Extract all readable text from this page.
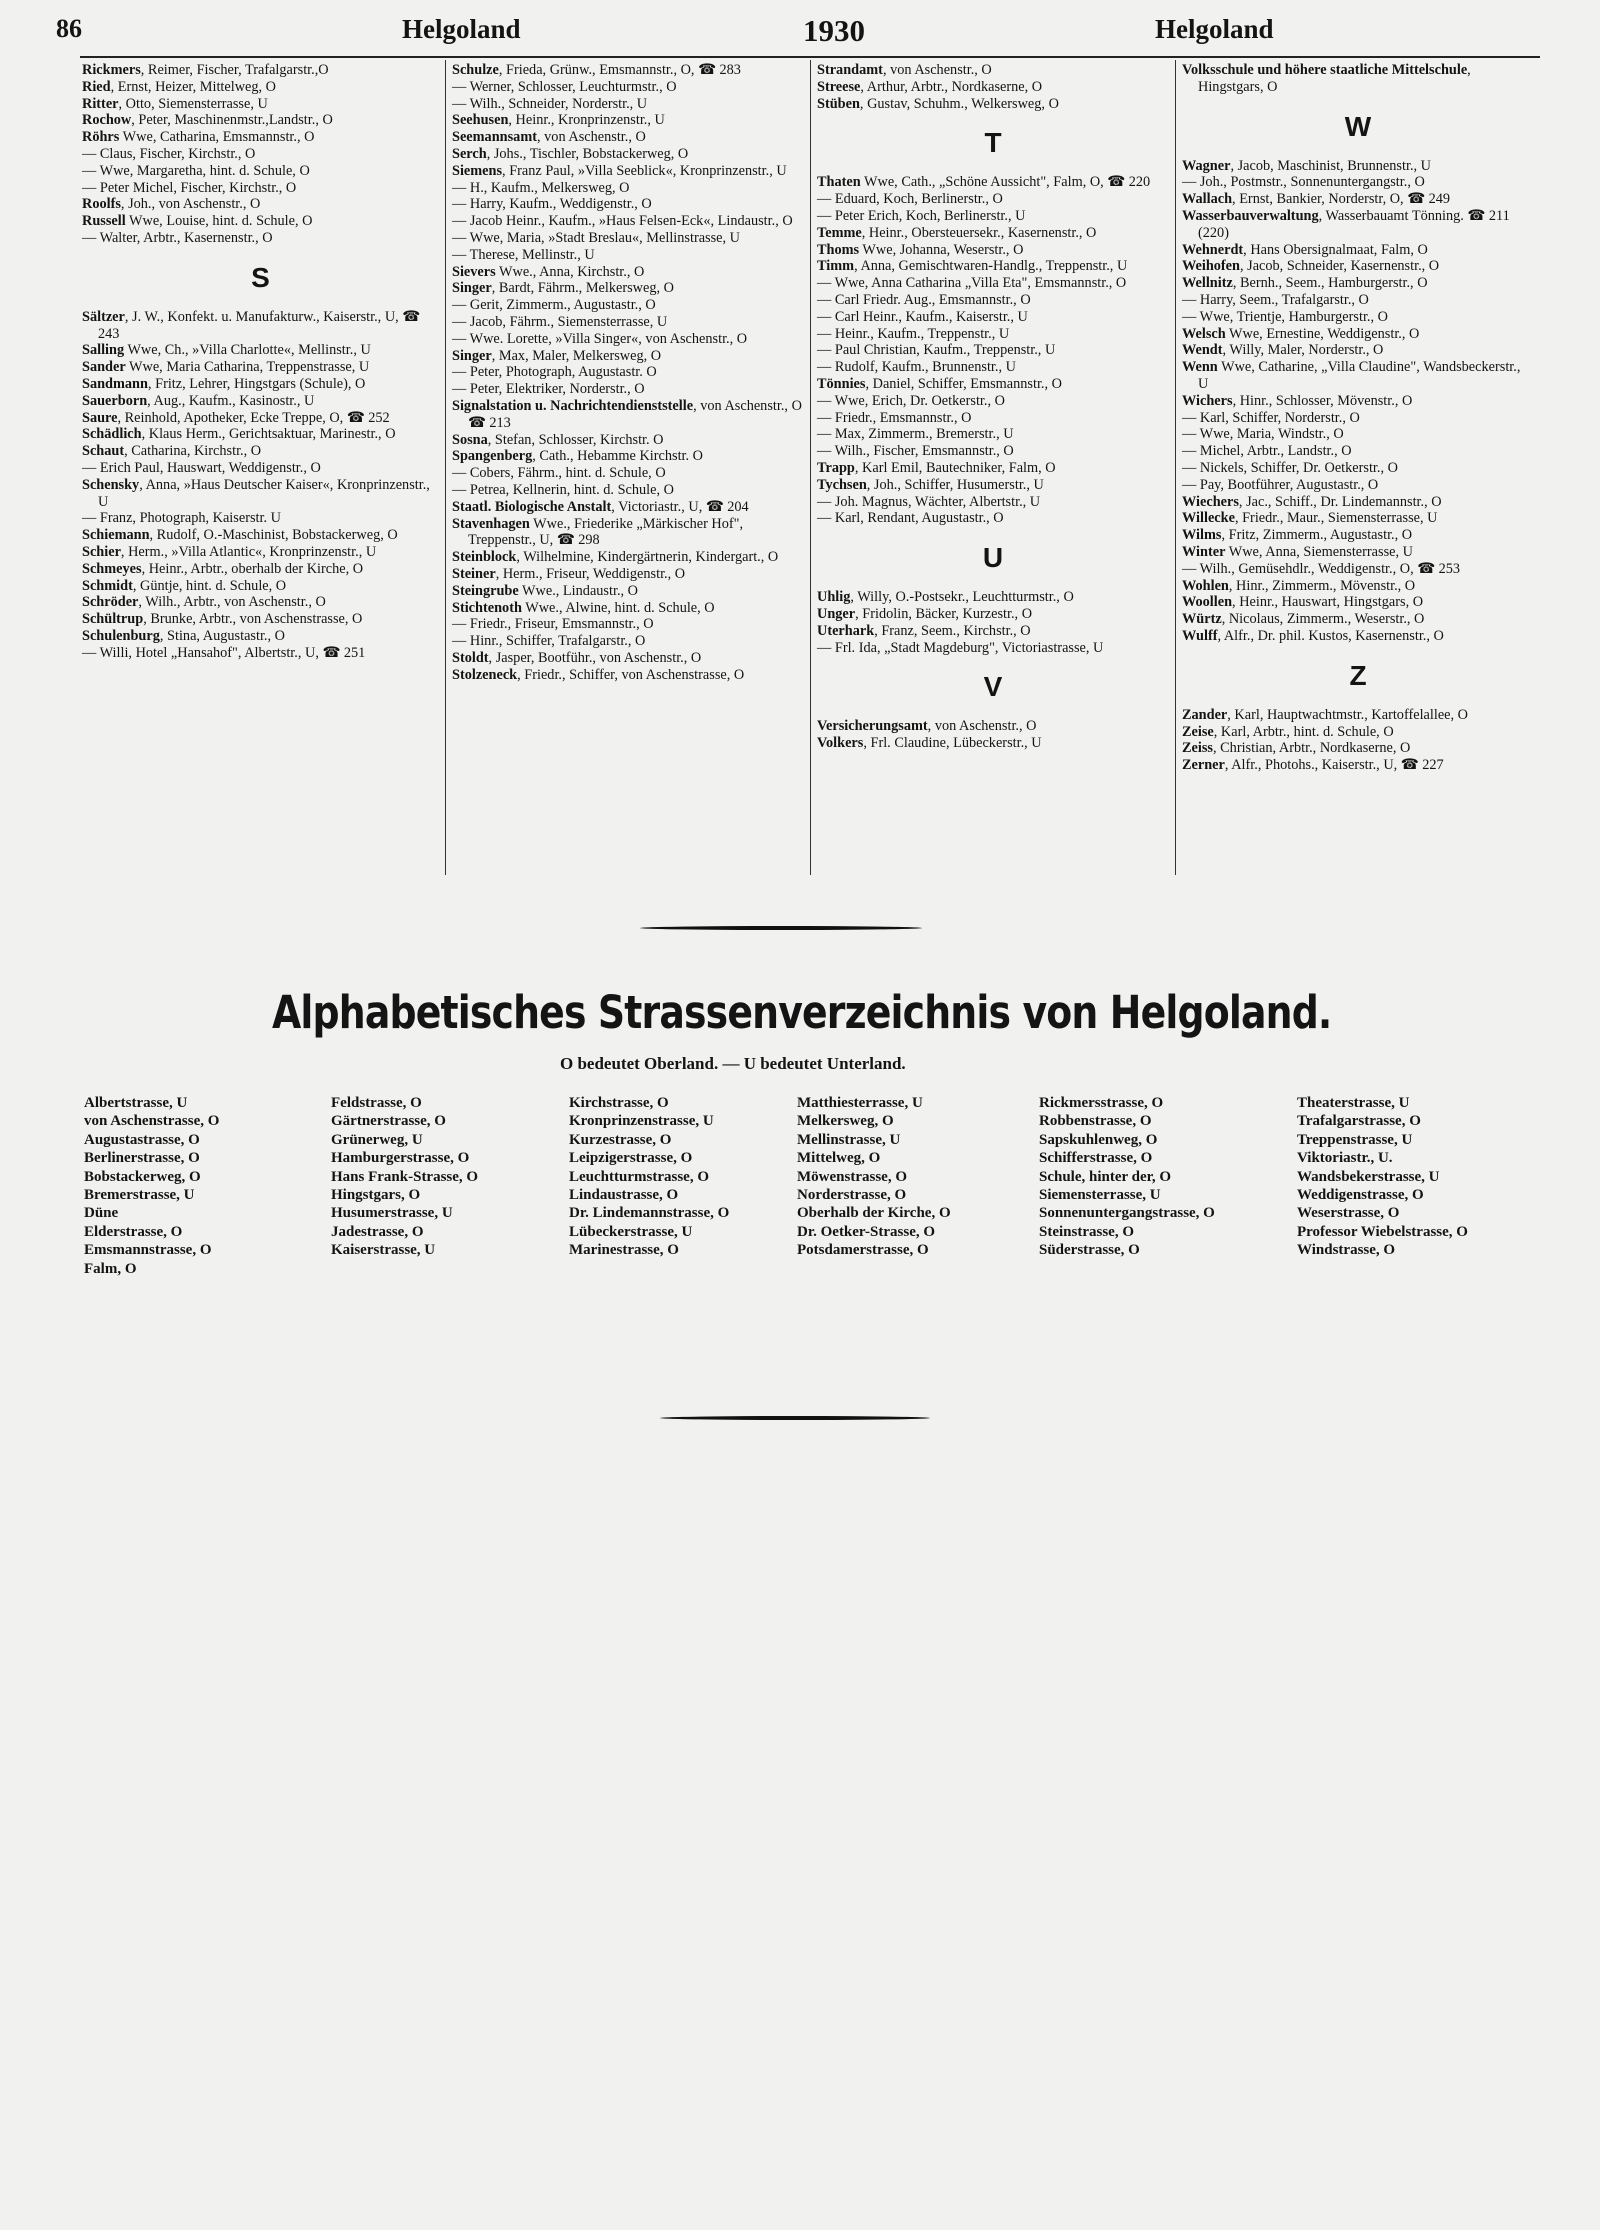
86	Helgoland	1930	Helgoland

Rickmers, Reimer, Fischer, Trafalgarstr.,O

Ried, Ernst, Heizer, Mittelweg, O

Ritter, Otto, Siemensterrasse, U

Rochow, Peter, Maschinenmstr.,Landstr., O

Röhrs Wwe, Catharina, Emsmannstr., O

— Claus, Fischer, Kirchstr., O

— Wwe, Margaretha, hint. d. Schule, O

— Peter Michel, Fischer, Kirchstr., O

Roolfs, Joh., von Aschenstr., O

Russell Wwe, Louise, hint. d. Schule, O

— Walter, Arbtr., Kasernenstr., O

S

Sältzer, J. W., Konfekt. u. Manufakturw., Kaiserstr., U, ☎ 243

Salling Wwe, Ch., »Villa Charlotte«, Mellinstr., U

Sander Wwe, Maria Catharina, Treppenstrasse, U

Sandmann, Fritz, Lehrer, Hingstgars (Schule), O

Sauerborn, Aug., Kaufm., Kasinostr., U

Saure, Reinhold, Apotheker, Ecke Treppe, O, ☎ 252

Schädlich, Klaus Herm., Gerichtsaktuar, Marinestr., O

Schaut, Catharina, Kirchstr., O

— Erich Paul, Hauswart, Weddigenstr., O

Schensky, Anna, »Haus Deutscher Kaiser«, Kronprinzenstr., U

— Franz, Photograph, Kaiserstr. U

Schiemann, Rudolf, O.-Maschinist, Bobstackerweg, O

Schier, Herm., »Villa Atlantic«, Kronprinzenstr., U

Schmeyes, Heinr., Arbtr., oberhalb der Kirche, O

Schmidt, Güntje, hint. d. Schule, O

Schröder, Wilh., Arbtr., von Aschenstr., O

Schültrup, Brunke, Arbtr., von Aschenstrasse, O

Schulenburg, Stina, Augustastr., O

— Willi, Hotel „Hansahof", Albertstr., U, ☎ 251

Schulze, Frieda, Grünw., Emsmannstr., O, ☎ 283

— Werner, Schlosser, Leuchturmstr., O

— Wilh., Schneider, Norderstr., U

Seehusen, Heinr., Kronprinzenstr., U

Seemannsamt, von Aschenstr., O

Serch, Johs., Tischler, Bobstackerweg, O

Siemens, Franz Paul, »Villa Seeblick«, Kronprinzenstr., U

— H., Kaufm., Melkersweg, O

— Harry, Kaufm., Weddigenstr., O

— Jacob Heinr., Kaufm., »Haus Felsen-Eck«, Lindaustr., O

— Wwe, Maria, »Stadt Breslau«, Mellinstrasse, U

— Therese, Mellinstr., U

Sievers Wwe., Anna, Kirchstr., O

Singer, Bardt, Fährm., Melkersweg, O

— Gerit, Zimmerm., Augustastr., O

— Jacob, Fährm., Siemensterrasse, U

— Wwe. Lorette, »Villa Singer«, von Aschenstr., O

Singer, Max, Maler, Melkersweg, O

— Peter, Photograph, Augustastr. O

— Peter, Elektriker, Norderstr., O

Signalstation u. Nachrichtendienststelle, von Aschenstr., O ☎ 213

Sosna, Stefan, Schlosser, Kirchstr. O

Spangenberg, Cath., Hebamme Kirchstr. O

— Cobers, Fährm., hint. d. Schule, O

— Petrea, Kellnerin, hint. d. Schule, O

Staatl. Biologische Anstalt, Victoriastr., U, ☎ 204

Stavenhagen Wwe., Friederike „Märkischer Hof", Treppenstr., U, ☎ 298

Steinblock, Wilhelmine, Kindergärtnerin, Kindergart., O

Steiner, Herm., Friseur, Weddigenstr., O

Steingrube Wwe., Lindaustr., O

Stichtenoth Wwe., Alwine, hint. d. Schule, O

— Friedr., Friseur, Emsmannstr., O

— Hinr., Schiffer, Trafalgarstr., O

Stoldt, Jasper, Bootführ., von Aschenstr., O

Stolzeneck, Friedr., Schiffer, von Aschenstrasse, O

Strandamt, von Aschenstr., O

Streese, Arthur, Arbtr., Nordkaserne, O

Stüben, Gustav, Schuhm., Welkersweg, O

T

Thaten Wwe, Cath., „Schöne Aussicht", Falm, O, ☎ 220

— Eduard, Koch, Berlinerstr., O

— Peter Erich, Koch, Berlinerstr., U

Temme, Heinr., Obersteuersekr., Kasernenstr., O

Thoms Wwe, Johanna, Weserstr., O

Timm, Anna, Gemischtwaren-Handlg., Treppenstr., U

— Wwe, Anna Catharina „Villa Eta", Emsmannstr., O

— Carl Friedr. Aug., Emsmannstr., O

— Carl Heinr., Kaufm., Kaiserstr., U

— Heinr., Kaufm., Treppenstr., U

— Paul Christian, Kaufm., Treppenstr., U

— Rudolf, Kaufm., Brunnenstr., U

Tönnies, Daniel, Schiffer, Emsmannstr., O

— Wwe, Erich, Dr. Oetkerstr., O

— Friedr., Emsmannstr., O

— Max, Zimmerm., Bremerstr., U

— Wilh., Fischer, Emsmannstr., O

Trapp, Karl Emil, Bautechniker, Falm, O

Tychsen, Joh., Schiffer, Husumerstr., U

— Joh. Magnus, Wächter, Albertstr., U

— Karl, Rendant, Augustastr., O

U

Uhlig, Willy, O.-Postsekr., Leuchtturmstr., O

Unger, Fridolin, Bäcker, Kurzestr., O

Uterhark, Franz, Seem., Kirchstr., O

— Frl. Ida, „Stadt Magdeburg", Victoriastrasse, U

V

Versicherungsamt, von Aschenstr., O

Volkers, Frl. Claudine, Lübeckerstr., U

Volksschule und höhere staatliche Mittelschule, Hingstgars, O

W

Wagner, Jacob, Maschinist, Brunnenstr., U

— Joh., Postmstr., Sonnenuntergangstr., O

Wallach, Ernst, Bankier, Norderstr, O, ☎ 249

Wasserbauverwaltung, Wasserbauamt Tönning. ☎ 211 (220)

Wehnerdt, Hans Obersignalmaat, Falm, O

Weihofen, Jacob, Schneider, Kasernenstr., O

Wellnitz, Bernh., Seem., Hamburgerstr., O

— Harry, Seem., Trafalgarstr., O

— Wwe, Trientje, Hamburgerstr., O

Welsch Wwe, Ernestine, Weddigenstr., O

Wendt, Willy, Maler, Norderstr., O

Wenn Wwe, Catharine, „Villa Claudine", Wandsbeckerstr., U

Wichers, Hinr., Schlosser, Mövenstr., O

— Karl, Schiffer, Norderstr., O

— Wwe, Maria, Windstr., O

— Michel, Arbtr., Landstr., O

— Nickels, Schiffer, Dr. Oetkerstr., O

— Pay, Bootführer, Augustastr., O

Wiechers, Jac., Schiff., Dr. Lindemannstr., O

Willecke, Friedr., Maur., Siemensterrasse, U

Wilms, Fritz, Zimmerm., Augustastr., O

Winter Wwe, Anna, Siemensterrasse, U

— Wilh., Gemüsehdlr., Weddigenstr., O, ☎ 253

Wohlen, Hinr., Zimmerm., Mövenstr., O

Woollen, Heinr., Hauswart, Hingstgars, O

Würtz, Nicolaus, Zimmerm., Weserstr., O

Wulff, Alfr., Dr. phil. Kustos, Kasernenstr., O

Z

Zander, Karl, Hauptwachtmstr., Kartoffelallee, O

Zeise, Karl, Arbtr., hint. d. Schule, O

Zeiss, Christian, Arbtr., Nordkaserne, O

Zerner, Alfr., Photohs., Kaiserstr., U, ☎ 227

Alphabetisches Strassenverzeichnis von Helgoland.
O bedeutet Oberland. — U bedeutet Unterland.
Albertstrasse, U
von Aschenstrasse, O
Augustastrasse, O
Berlinerstrasse, O
Bobstackerweg, O
Bremerstrasse, U
Düne
Elderstrasse, O
Emsmannstrasse, O
Falm, O
Feldstrasse, O
Gärtnerstrasse, O
Grünerweg, U
Hamburgerstrasse, O
Hans Frank-Strasse, O
Hingstgars, O
Husumerstrasse, U
Jadestrasse, O
Kaiserstrasse, U
Kirchstrasse, O
Kronprinzenstrasse, U
Kurzestrasse, O
Leipzigerstrasse, O
Leuchtturmstrasse, O
Lindaustrasse, O
Dr. Lindemannstrasse, O
Lübeckerstrasse, U
Marinestrasse, O
Matthiesterrasse, U
Melkersweg, O
Mellinstrasse, U
Mittelweg, O
Möwenstrasse, O
Norderstrasse, O
Oberhalb der Kirche, O
Dr. Oetker-Strasse, O
Potsdamerstrasse, O
Rickmersstrasse, O
Robbenstrasse, O
Sapskuhlenweg, O
Schifferstrasse, O
Schule, hinter der, O
Siemensterrasse, U
Sonnenuntergangstrasse, O
Steinstrasse, O
Süderstrasse, O
Theaterstrasse, U
Trafalgarstrasse, O
Treppenstrasse, U
Viktoriastr., U.
Wandsbekerstrasse, U
Weddigenstrasse, O
Weserstrasse, O
Professor Wiebelstrasse, O
Windstrasse, O
